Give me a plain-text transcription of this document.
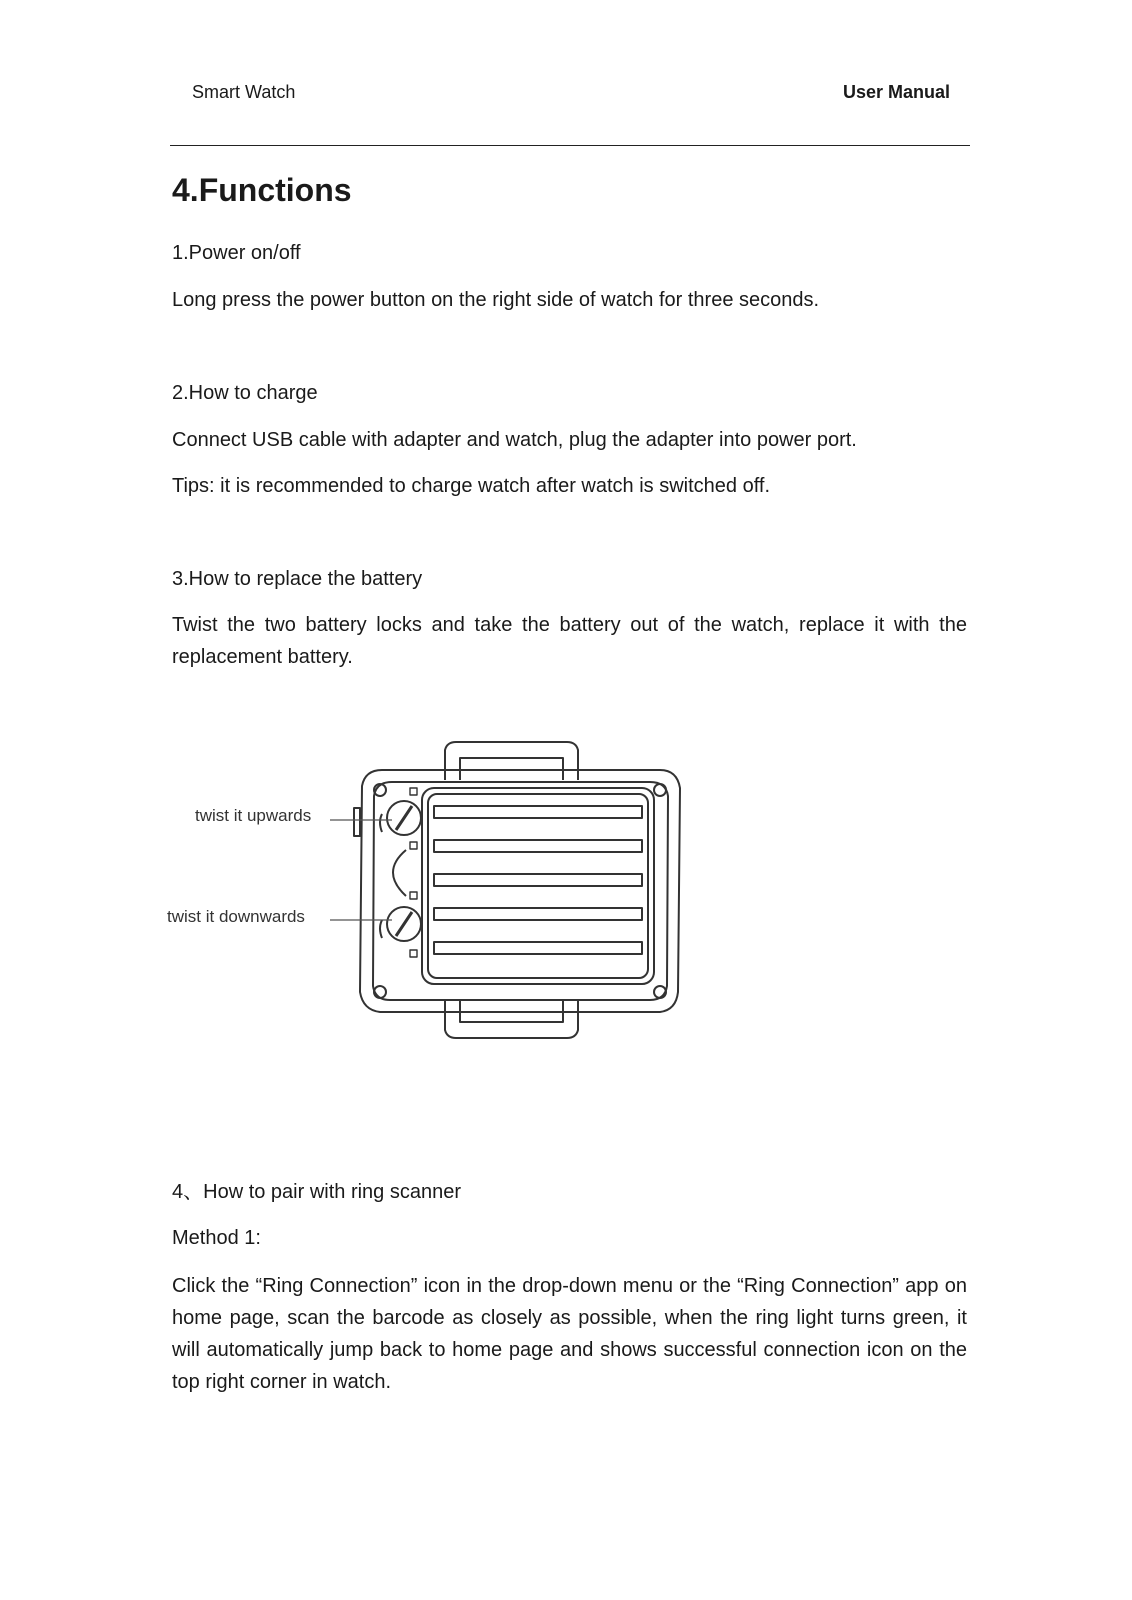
Smart Watch	User Manual
4.Functions

1.Power on/off

Long press the power button on the right side of watch for three seconds.

2.How to charge

Connect USB cable with adapter and watch, plug the adapter into power port.

Tips: it is recommended to charge watch after watch is switched off.

3.How to replace the battery

Twist the two battery locks and take the battery out of the watch, replace it with the replacement battery.

twist it upwards
twist it downwards

4、How to pair with ring scanner

Method 1:

Click the “Ring Connection” icon in the drop-down menu or the “Ring Connection” app on home page, scan the barcode as closely as possible, when the ring light turns green, it will automatically jump back to home page and shows successful connection icon on the top right corner in watch.
